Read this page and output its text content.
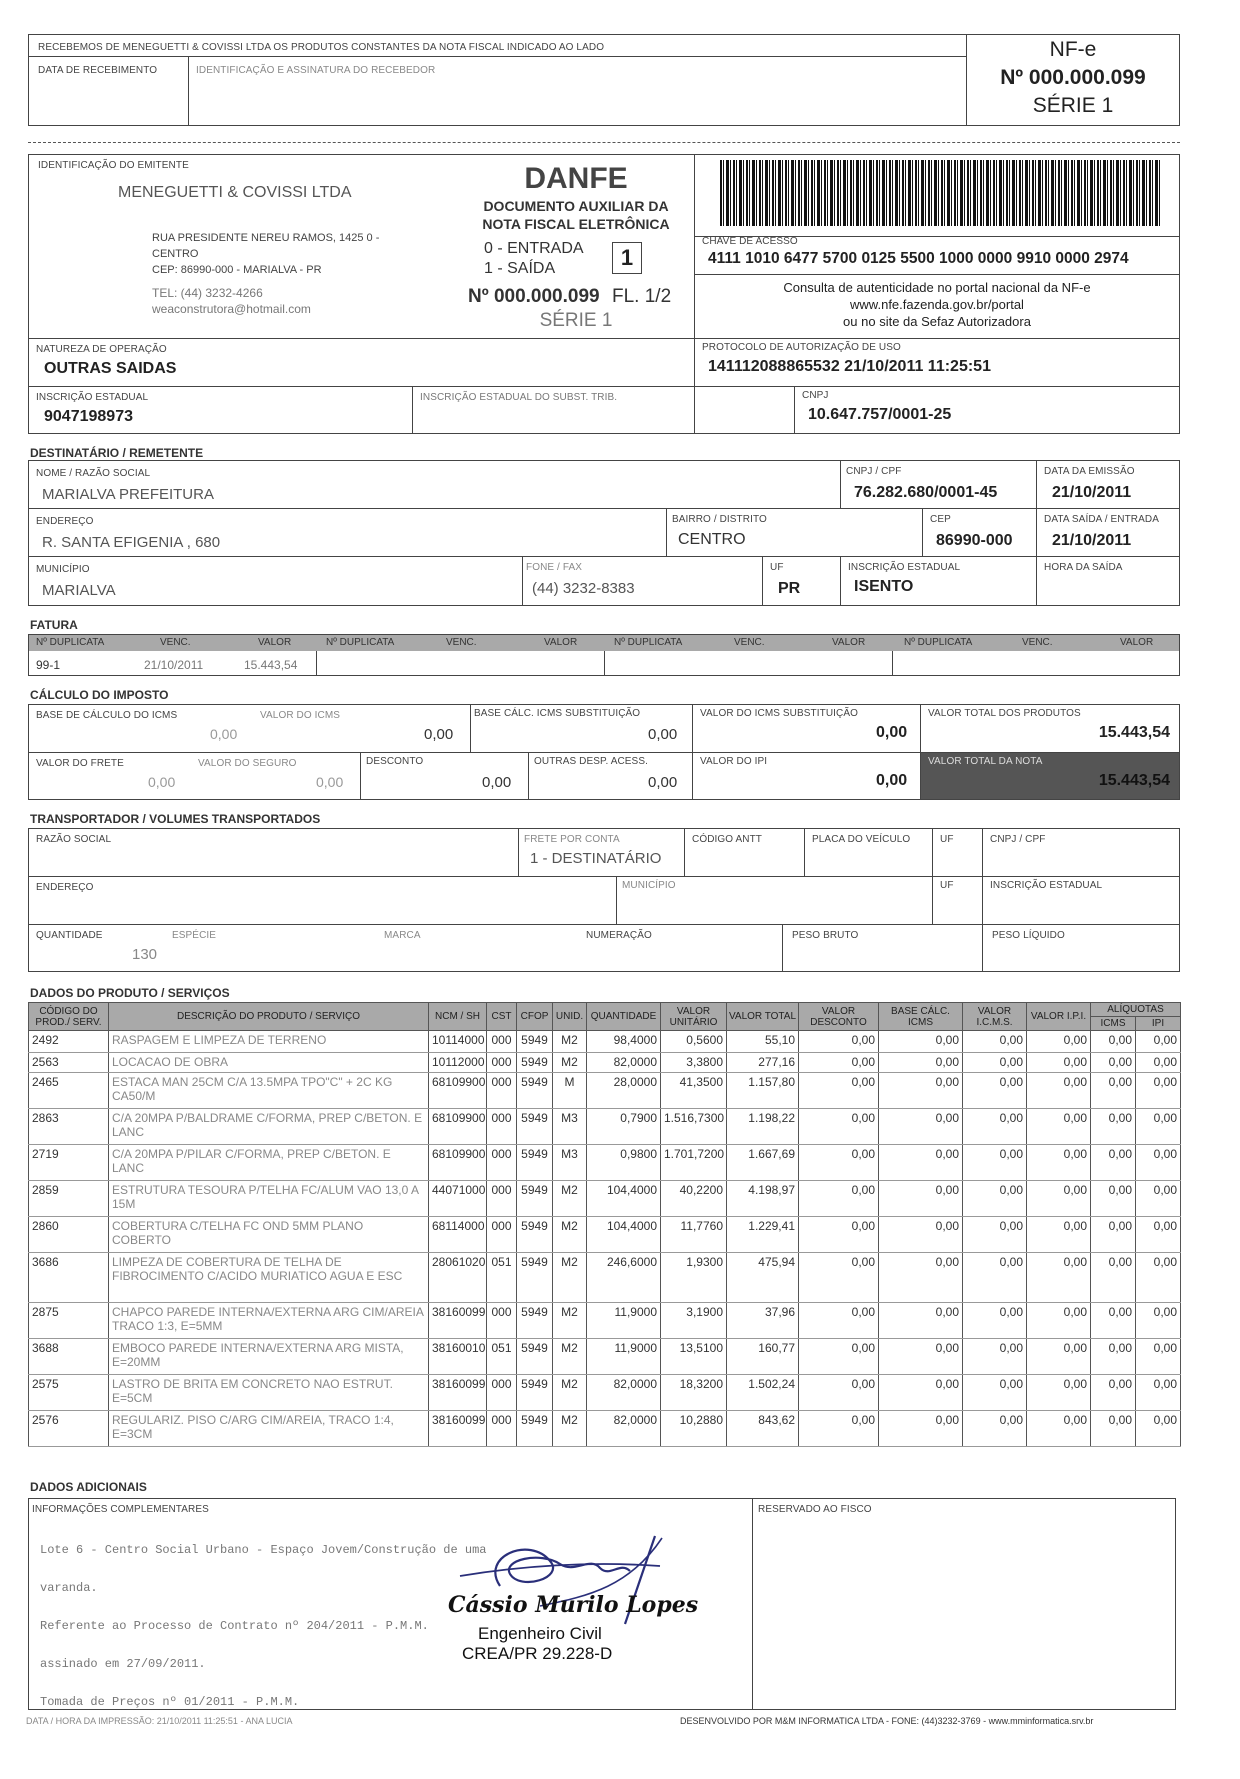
RECEBEMOS DE MENEGUETTI & COVISSI LTDA OS PRODUTOS CONSTANTES DA NOTA FISCAL INDICADO AO LADO
DATA DE RECEBIMENTO	IDENTIFICAÇÃO E ASSINATURA DO RECEBEDOR
NF-e
Nº 000.000.099
SÉRIE 1
IDENTIFICAÇÃO DO EMITENTE
MENEGUETTI & COVISSI LTDA
RUA PRESIDENTE NEREU RAMOS, 1425 0 -
CENTRO
CEP: 86990-000 - MARIALVA - PR
TEL: (44) 3232-4266
weaconstrutora@hotmail.com
DANFE
DOCUMENTO AUXILIAR DA
NOTA FISCAL ELETRÔNICA
0 - ENTRADA
1 - SAÍDA	1
Nº 000.000.099 FL. 1/2
SÉRIE 1
CHAVE DE ACESSO
4111 1010 6477 5700 0125 5500 1000 0000 9910 0000 2974
Consulta de autenticidade no portal nacional da NF-e
www.nfe.fazenda.gov.br/portal
ou no site da Sefaz Autorizadora
NATUREZA DE OPERAÇÃO
OUTRAS SAIDAS
PROTOCOLO DE AUTORIZAÇÃO DE USO
141112088865532 21/10/2011 11:25:51
INSCRIÇÃO ESTADUAL
9047198973
INSCRIÇÃO ESTADUAL DO SUBST. TRIB.	CNPJ
10.647.757/0001-25
DESTINATÁRIO / REMETENTE
NOME / RAZÃO SOCIAL
MARIALVA PREFEITURA
CNPJ / CPF
76.282.680/0001-45
DATA DA EMISSÃO
21/10/2011
ENDEREÇO
R. SANTA EFIGENIA , 680
BAIRRO / DISTRITO
CENTRO
CEP
86990-000
DATA SAÍDA / ENTRADA
21/10/2011
MUNICÍPIO
MARIALVA
FONE / FAX
(44) 3232-8383
UF
PR
INSCRIÇÃO ESTADUAL
ISENTO
HORA DA SAÍDA
FATURA
Nº DUPLICATA	VENC.	VALOR	Nº DUPLICATA	VENC.	VALOR	Nº DUPLICATA	VENC.	VALOR	Nº DUPLICATA	VENC.	VALOR
99-1	21/10/2011	15.443,54
CÁLCULO DO IMPOSTO
BASE DE CÁLCULO DO ICMS
0,00
VALOR DO ICMS
0,00
BASE CÁLC. ICMS SUBSTITUIÇÃO
0,00
VALOR DO ICMS SUBSTITUIÇÃO
0,00
VALOR TOTAL DOS PRODUTOS
15.443,54
VALOR DO FRETE
0,00
VALOR DO SEGURO
0,00
DESCONTO
0,00
OUTRAS DESP. ACESS.
0,00
VALOR DO IPI
0,00
VALOR TOTAL DA NOTA
15.443,54
TRANSPORTADOR / VOLUMES TRANSPORTADOS
RAZÃO SOCIAL	FRETE POR CONTA
1 - DESTINATÁRIO
CÓDIGO ANTT	PLACA DO VEÍCULO	UF	CNPJ / CPF
ENDEREÇO	MUNICÍPIO	UF	INSCRIÇÃO ESTADUAL
QUANTIDADE
130
ESPÉCIE	MARCA	NUMERAÇÃO	PESO BRUTO	PESO LÍQUIDO
DADOS DO PRODUTO / SERVIÇOS
CÓDIGO DO PROD./ SERV.	DESCRIÇÃO DO PRODUTO / SERVIÇO	NCM / SH	CST	CFOP	UNID.	QUANTIDADE	VALOR UNITÁRIO	VALOR TOTAL	VALOR DESCONTO	BASE CÁLC. ICMS	VALOR I.C.M.S.	VALOR I.P.I.	ALÍQUOTAS	
													ICMS	IPI
2492	RASPAGEM E LIMPEZA DE TERRENO	10114000	000	5949	M2	98,4000	0,5600	55,10	0,00	0,00	0,00	0,00	0,00	0,00
2563	LOCACAO DE OBRA	10112000	000	5949	M2	82,0000	3,3800	277,16	0,00	0,00	0,00	0,00	0,00	0,00
2465	ESTACA MAN 25CM C/A 13.5MPA TPO"C" + 2C KG CA50/M	68109900	000	5949	M	28,0000	41,3500	1.157,80	0,00	0,00	0,00	0,00	0,00	0,00
2863	C/A 20MPA P/BALDRAME C/FORMA, PREP C/BETON. E LANC	68109900	000	5949	M3	0,7900	1.516,7300	1.198,22	0,00	0,00	0,00	0,00	0,00	0,00
2719	C/A 20MPA P/PILAR C/FORMA, PREP C/BETON. E LANC	68109900	000	5949	M3	0,9800	1.701,7200	1.667,69	0,00	0,00	0,00	0,00	0,00	0,00
2859	ESTRUTURA TESOURA P/TELHA FC/ALUM VAO 13,0 A 15M	44071000	000	5949	M2	104,4000	40,2200	4.198,97	0,00	0,00	0,00	0,00	0,00	0,00
2860	COBERTURA C/TELHA FC OND 5MM PLANO COBERTO	68114000	000	5949	M2	104,4000	11,7760	1.229,41	0,00	0,00	0,00	0,00	0,00	0,00
3686	LIMPEZA DE COBERTURA DE TELHA DE FIBROCIMENTO C/ACIDO MURIATICO AGUA E ESC	28061020	051	5949	M2	246,6000	1,9300	475,94	0,00	0,00	0,00	0,00	0,00	0,00
2875	CHAPCO PAREDE INTERNA/EXTERNA ARG CIM/AREIA TRACO 1:3, E=5MM	38160099	000	5949	M2	11,9000	3,1900	37,96	0,00	0,00	0,00	0,00	0,00	0,00
3688	EMBOCO PAREDE INTERNA/EXTERNA ARG MISTA, E=20MM	38160010	051	5949	M2	11,9000	13,5100	160,77	0,00	0,00	0,00	0,00	0,00	0,00
2575	LASTRO DE BRITA EM CONCRETO NAO ESTRUT. E=5CM	38160099	000	5949	M2	82,0000	18,3200	1.502,24	0,00	0,00	0,00	0,00	0,00	0,00
2576	REGULARIZ. PISO C/ARG CIM/AREIA, TRACO 1:4, E=3CM	38160099	000	5949	M2	82,0000	10,2880	843,62	0,00	0,00	0,00	0,00	0,00	0,00
DADOS ADICIONAIS
INFORMAÇÕES COMPLEMENTARES	RESERVADO AO FISCO

Lote 6 - Centro Social Urbano - Espaço Jovem/Construção de uma

varanda.

Referente ao Processo de Contrato nº 204/2011 - P.M.M.

assinado em 27/09/2011.

Tomada de Preços nº 01/2011 - P.M.M.

Cássio Murilo Lopes
Engenheiro Civil
CREA/PR 29.228-D
DATA / HORA DA IMPRESSÃO: 21/10/2011 11:25:51 - ANA LUCIA	DESENVOLVIDO POR M&M INFORMATICA LTDA - FONE: (44)3232-3769 - www.mminformatica.srv.br
